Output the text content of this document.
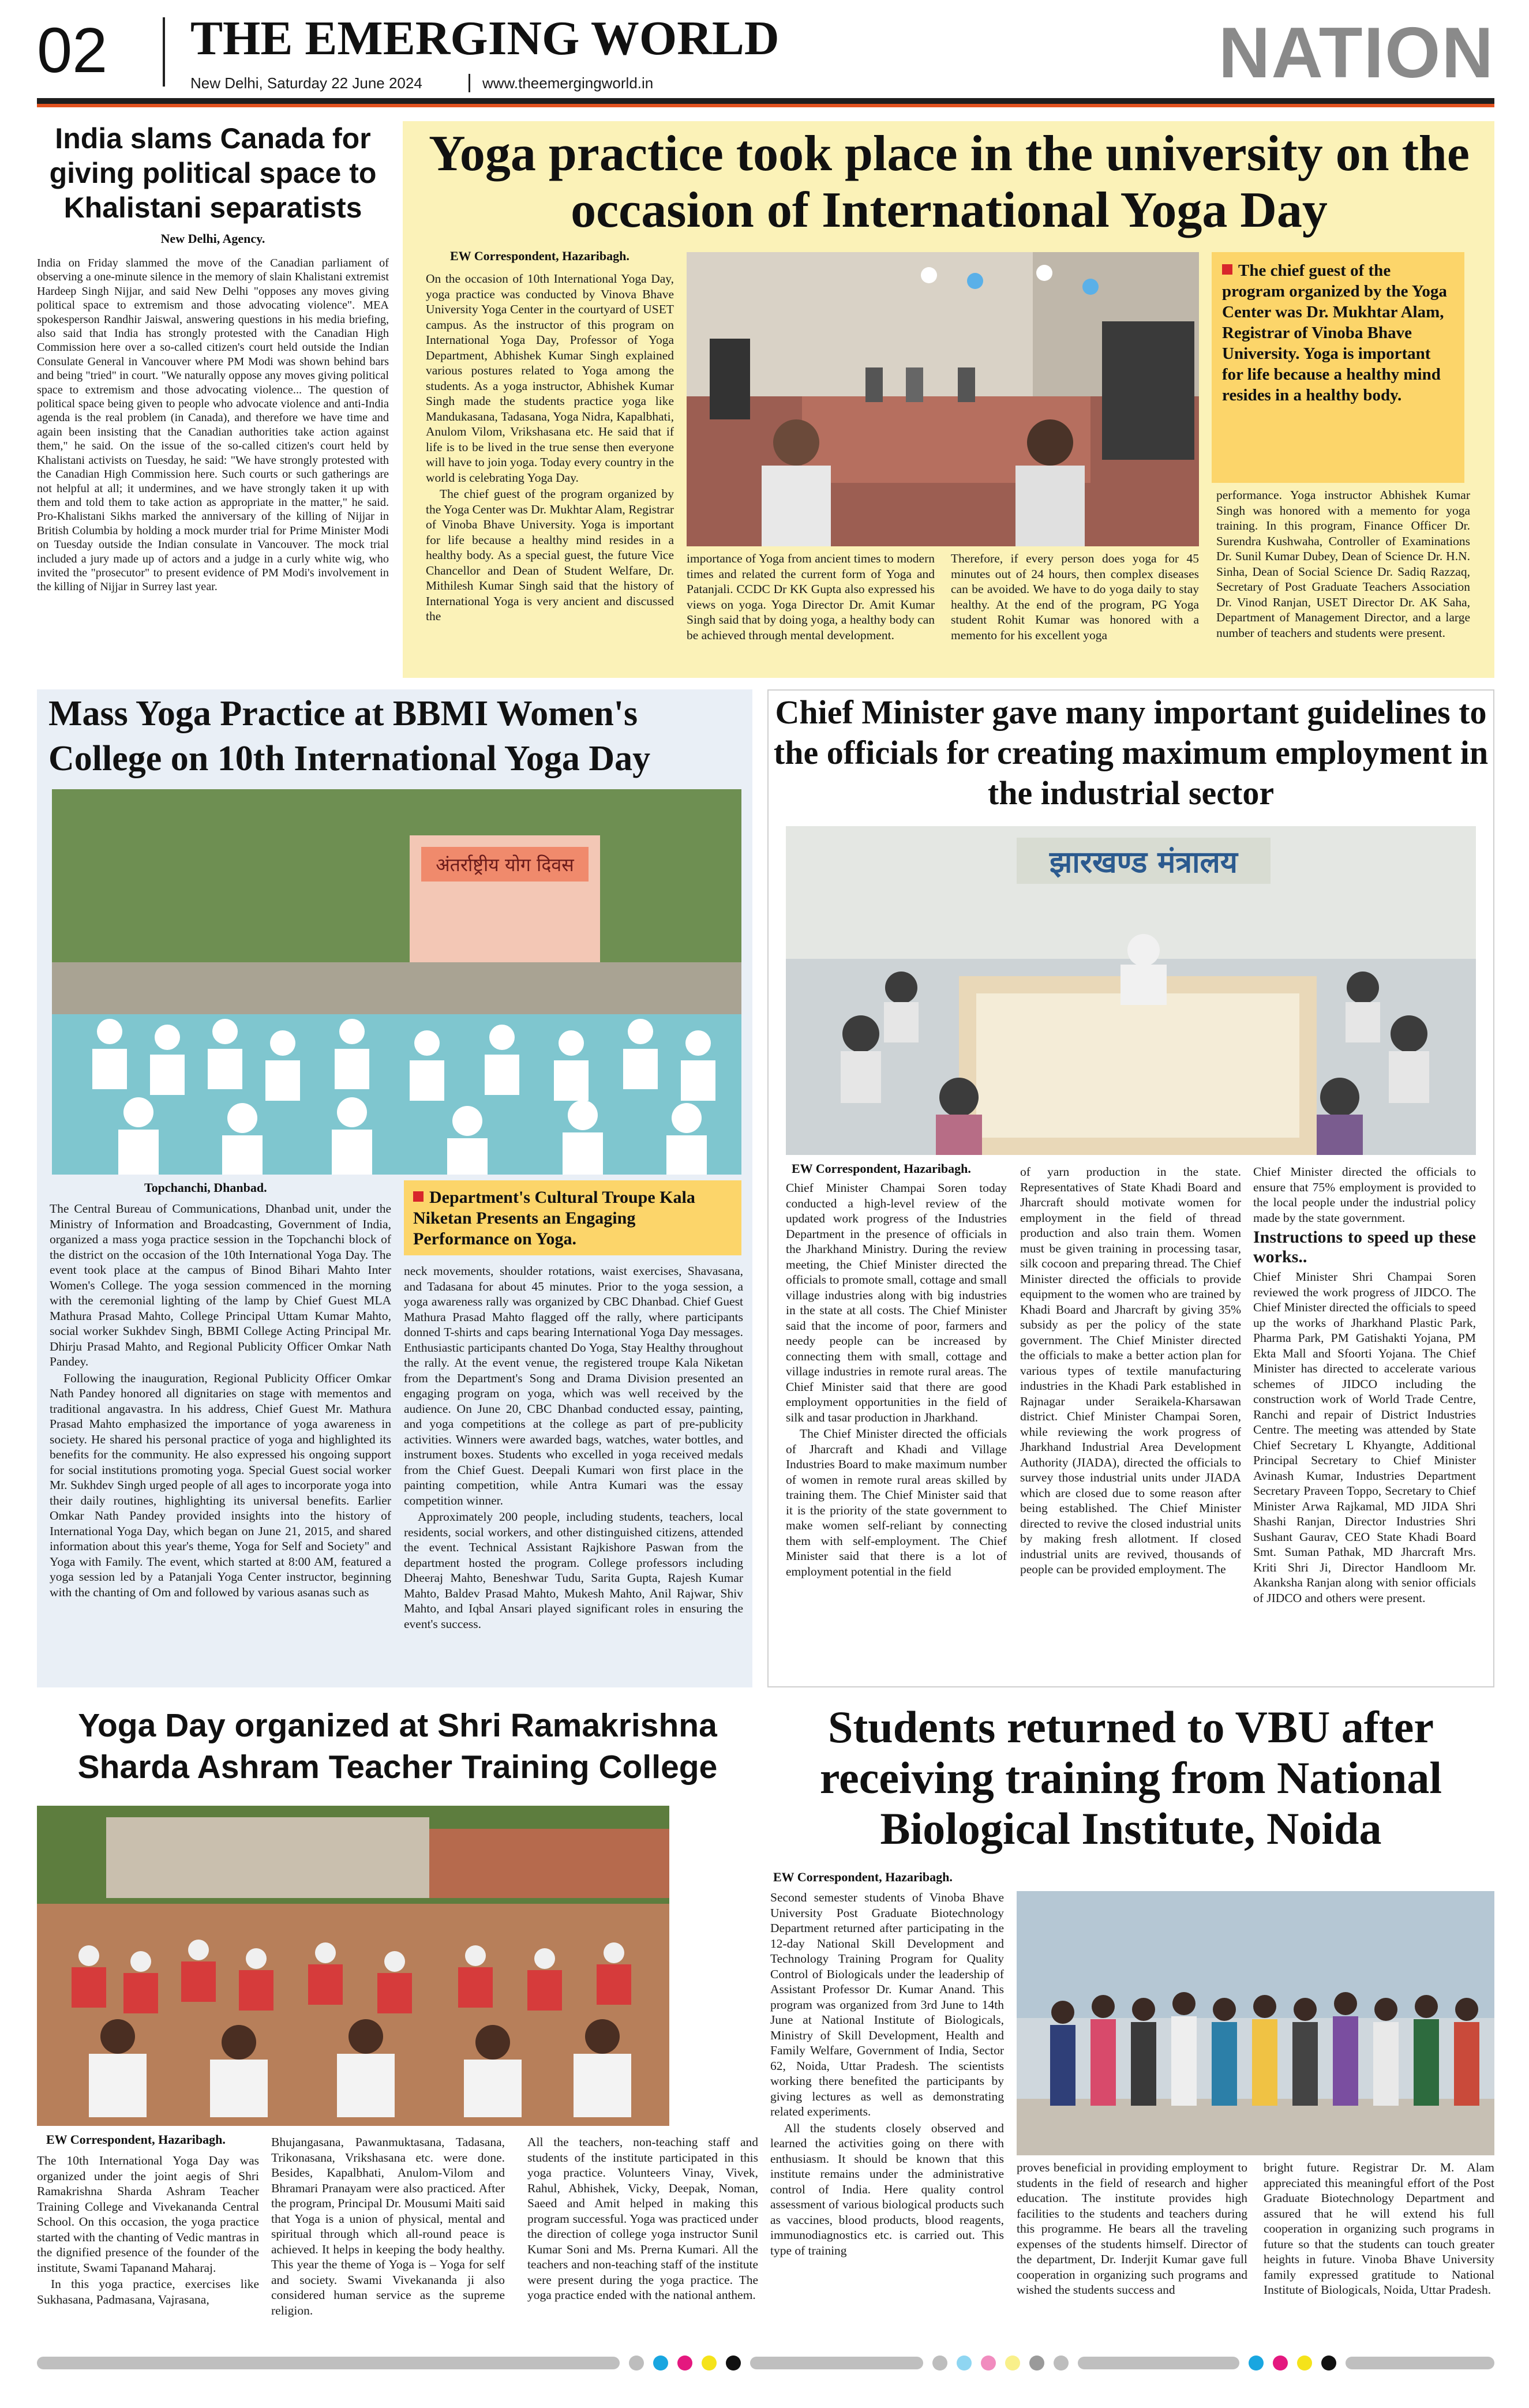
02	THE EMERGING WORLD
New Delhi, Saturday 22 June 2024	www.theemergingworld.in	NATION
India slams Canada for giving political space to Khalistani separatists
New Delhi, Agency.

India on Friday slammed the move of the Canadian parliament of observing a one-minute silence in the memory of slain Khalistani extremist Hardeep Singh Nijjar, and said New Delhi "opposes any moves giving political space to extremism and those advocating violence". MEA spokesperson Randhir Jaiswal, answering questions in his media briefing, also said that India has strongly protested with the Canadian High Commission here over a so-called citizen's court held outside the Indian Consulate General in Vancouver where PM Modi was shown behind bars and being "tried" in court. "We naturally oppose any moves giving political space to extremism and those advocating violence... The question of political space being given to people who advocate violence and anti-India agenda is the real problem (in Canada), and therefore we have time and again been insisting that the Canadian authorities take action against them," he said. On the issue of the so-called citizen's court held by Khalistani activists on Tuesday, he said: "We have strongly protested with the Canadian High Commission here. Such courts or such gatherings are not helpful at all; it undermines, and we have strongly taken it up with them and told them to take action as appropriate in the matter," he said. Pro-Khalistani Sikhs marked the anniversary of the killing of Nijjar in British Columbia by holding a mock murder trial for Prime Minister Modi on Tuesday outside the Indian consulate in Vancouver. The mock trial included a jury made up of actors and a judge in a curly white wig, who invited the "prosecutor" to present evidence of PM Modi's involvement in the killing of Nijjar in Surrey last year.

Yoga practice took place in the university on the occasion of International Yoga Day
EW Correspondent, Hazaribagh.

On the occasion of 10th International Yoga Day, yoga practice was conducted by Vinova Bhave University Yoga Center in the courtyard of USET campus. As the instructor of this program on International Yoga Day, Professor of Yoga Department, Abhishek Kumar Singh explained various postures related to Yoga among the students. As a yoga instructor, Abhishek Kumar Singh made the students practice yoga like Mandukasana, Tadasana, Yoga Nidra, Kapalbhati, Anulom Vilom, Vrikshasana etc. He said that if life is to be lived in the true sense then everyone will have to join yoga. Today every country in the world is celebrating Yoga Day.

The chief guest of the program organized by the Yoga Center was Dr. Mukhtar Alam, Registrar of Vinoba Bhave University. Yoga is important for life because a healthy mind resides in a healthy body. As a special guest, the future Vice Chancellor and Dean of Student Welfare, Dr. Mithilesh Kumar Singh said that the history of International Yoga is very ancient and discussed the

importance of Yoga from ancient times to modern times and related the current form of Yoga and Patanjali. CCDC Dr KK Gupta also expressed his views on yoga. Yoga Director Dr. Amit Kumar Singh said that by doing yoga, a healthy body can be achieved through mental development.

Therefore, if every person does yoga for 45 minutes out of 24 hours, then complex diseases can be avoided. We have to do yoga daily to stay healthy. At the end of the program, PG Yoga student Rohit Kumar was honored with a memento for his excellent yoga

The chief guest of the program organized by the Yoga Center was Dr. Mukhtar Alam, Registrar of Vinoba Bhave University. Yoga is important for life because a healthy mind resides in a healthy body.

performance. Yoga instructor Abhishek Kumar Singh was honored with a memento for yoga training. In this program, Finance Officer Dr. Surendra Kushwaha, Controller of Examinations Dr. Sunil Kumar Dubey, Dean of Science Dr. H.N. Sinha, Dean of Social Science Dr. Sadiq Razzaq, Secretary of Post Graduate Teachers Association Dr. Vinod Ranjan, USET Director Dr. AK Saha, Department of Management Director, and a large number of teachers and students were present.

Mass Yoga Practice at BBMI Women's College on 10th International Yoga Day
अंतर्राष्ट्रीय योग दिवस
Topchanchi, Dhanbad.

The Central Bureau of Communications, Dhanbad unit, under the Ministry of Information and Broadcasting, Government of India, organized a mass yoga practice session in the Topchanchi block of the district on the occasion of the 10th International Yoga Day. The event took place at the campus of Binod Bihari Mahto Inter Women's College. The yoga session commenced in the morning with the ceremonial lighting of the lamp by Chief Guest MLA Mathura Prasad Mahto, College Principal Uttam Kumar Mahto, social worker Sukhdev Singh, BBMI College Acting Principal Mr. Dhirju Prasad Mahto, and Regional Publicity Officer Omkar Nath Pandey.

Following the inauguration, Regional Publicity Officer Omkar Nath Pandey honored all dignitaries on stage with mementos and traditional angavastra. In his address, Chief Guest Mr. Mathura Prasad Mahto emphasized the importance of yoga awareness in society. He shared his personal practice of yoga and highlighted its benefits for the community. He also expressed his ongoing support for social institutions promoting yoga. Special Guest social worker Mr. Sukhdev Singh urged people of all ages to incorporate yoga into their daily routines, highlighting its universal benefits. Earlier Omkar Nath Pandey provided insights into the history of International Yoga Day, which began on June 21, 2015, and shared information about this year's theme, Yoga for Self and Society" and Yoga with Family. The event, which started at 8:00 AM, featured a yoga session led by a Patanjali Yoga Center instructor, beginning with the chanting of Om and followed by various asanas such as

Department's Cultural Troupe Kala Niketan Presents an Engaging Performance on Yoga.

neck movements, shoulder rotations, waist exercises, Shavasana, and Tadasana for about 45 minutes. Prior to the yoga session, a yoga awareness rally was organized by CBC Dhanbad. Chief Guest Mathura Prasad Mahto flagged off the rally, where participants donned T-shirts and caps bearing International Yoga Day messages. Enthusiastic participants chanted Do Yoga, Stay Healthy throughout the rally. At the event venue, the registered troupe Kala Niketan from the Department's Song and Drama Division presented an engaging program on yoga, which was well received by the audience. On June 20, CBC Dhanbad conducted essay, painting, and yoga competitions at the college as part of pre-publicity activities. Winners were awarded bags, watches, water bottles, and instrument boxes. Students who excelled in yoga received medals from the Chief Guest. Deepali Kumari won first place in the painting competition, while Antra Kumari was the essay competition winner.

Approximately 200 people, including students, teachers, local residents, social workers, and other distinguished citizens, attended the event. Technical Assistant Rajkishore Paswan from the department hosted the program. College professors including Dheeraj Mahto, Beneshwar Tudu, Sarita Gupta, Rajesh Kumar Mahto, Baldev Prasad Mahto, Mukesh Mahto, Anil Rajwar, Shiv Mahto, and Iqbal Ansari played significant roles in ensuring the event's success.

Chief Minister gave many important guidelines to the officials for creating maximum employment in the industrial sector
झारखण्ड मंत्रालय
EW Correspondent, Hazaribagh.

Chief Minister Champai Soren today conducted a high-level review of the updated work progress of the Industries Department in the presence of officials in the Jharkhand Ministry. During the review meeting, the Chief Minister directed the officials to promote small, cottage and small village industries along with big industries in the state at all costs. The Chief Minister said that the income of poor, farmers and needy people can be increased by connecting them with small, cottage and village industries in remote rural areas. The Chief Minister said that there are good employment opportunities in the field of silk and tasar production in Jharkhand.

The Chief Minister directed the officials of Jharcraft and Khadi and Village Industries Board to make maximum number of women in remote rural areas skilled by training them. The Chief Minister said that it is the priority of the state government to make women self-reliant by connecting them with self-employment. The Chief Minister said that there is a lot of employment potential in the field

of yarn production in the state. Representatives of State Khadi Board and Jharcraft should motivate women for employment in the field of thread production and also train them. Women must be given training in processing tasar, silk cocoon and preparing thread. The Chief Minister directed the officials to provide equipment to the women who are trained by Khadi Board and Jharcraft by giving 35% subsidy as per the policy of the state government. The Chief Minister directed the officials to make a better action plan for various types of textile manufacturing industries in the Khadi Park established in Rajnagar under Seraikela-Kharsawan district. Chief Minister Champai Soren, while reviewing the work progress of Jharkhand Industrial Area Development Authority (JIADA), directed the officials to survey those industrial units under JIADA which are closed due to some reason after being established. The Chief Minister directed to revive the closed industrial units by making fresh allotment. If closed industrial units are revived, thousands of people can be provided employment. The

Chief Minister directed the officials to ensure that 75% employment is provided to the local people under the industrial policy made by the state government.

Instructions to speed up these works..

Chief Minister Shri Champai Soren reviewed the work progress of JIDCO. The Chief Minister directed the officials to speed up the works of Jharkhand Plastic Park, Pharma Park, PM Gatishakti Yojana, PM Ekta Mall and Sfoorti Yojana. The Chief Minister has directed to accelerate various schemes of JIDCO including the construction work of World Trade Centre, Ranchi and repair of District Industries Centre. The meeting was attended by State Chief Secretary L Khyangte, Additional Principal Secretary to Chief Minister Avinash Kumar, Industries Department Secretary Praveen Toppo, Secretary to Chief Minister Arwa Rajkamal, MD JIDA Shri Shashi Ranjan, Director Industries Shri Sushant Gaurav, CEO State Khadi Board Smt. Suman Pathak, MD Jharcraft Mrs. Kriti Shri Ji, Director Handloom Mr. Akanksha Ranjan along with senior officials of JIDCO and others were present.

Yoga Day organized at Shri Ramakrishna Sharda Ashram Teacher Training College
EW Correspondent, Hazaribagh.

The 10th International Yoga Day was organized under the joint aegis of Shri Ramakrishna Sharda Ashram Teacher Training College and Vivekananda Central School. On this occasion, the yoga practice started with the chanting of Vedic mantras in the dignified presence of the founder of the institute, Swami Tapanand Maharaj.

In this yoga practice, exercises like Sukhasana, Padmasana, Vajrasana,

Bhujangasana, Pawanmuktasana, Tadasana, Trikonasana, Vrikshasana etc. were done. Besides, Kapalbhati, Anulom-Vilom and Bhramari Pranayam were also practiced. After the program, Principal Dr. Mousumi Maiti said that Yoga is a union of physical, mental and spiritual through which all-round peace is achieved. It helps in keeping the body healthy. This year the theme of Yoga is – Yoga for self and society. Swami Vivekananda ji also considered human service as the supreme religion.

All the teachers, non-teaching staff and students of the institute participated in this yoga practice. Volunteers Vinay, Vivek, Rahul, Abhishek, Vicky, Deepak, Noman, Saeed and Amit helped in making this program successful. Yoga was practiced under the direction of college yoga instructor Sunil Kumar Soni and Ms. Prerna Kumari. All the teachers and non-teaching staff of the institute were present during the yoga practice. The yoga practice ended with the national anthem.

Students returned to VBU after receiving training from National Biological Institute, Noida
EW Correspondent, Hazaribagh.

Second semester students of Vinoba Bhave University Post Graduate Biotechnology Department returned after participating in the 12-day National Skill Development and Technology Training Program for Quality Control of Biologicals under the leadership of Assistant Professor Dr. Kumar Anand. This program was organized from 3rd June to 14th June at National Institute of Biologicals, Ministry of Skill Development, Health and Family Welfare, Government of India, Sector 62, Noida, Uttar Pradesh. The scientists working there benefited the participants by giving lectures as well as demonstrating related experiments.

All the students closely observed and learned the activities going on there with enthusiasm. It should be known that this institute remains under the administrative control of India. Here quality control assessment of various biological products such as vaccines, blood products, blood reagents, immunodiagnostics etc. is carried out. This type of training

proves beneficial in providing employment to students in the field of research and higher education. The institute provides high facilities to the students and teachers during this programme. He bears all the traveling expenses of the students himself. Director of the department, Dr. Inderjit Kumar gave full cooperation in organizing such programs and wished the students success and

bright future. Registrar Dr. M. Alam appreciated this meaningful effort of the Post Graduate Biotechnology Department and assured that he will extend his full cooperation in organizing such programs in future so that the students can touch greater heights in future. Vinoba Bhave University family expressed gratitude to National Institute of Biologicals, Noida, Uttar Pradesh.
